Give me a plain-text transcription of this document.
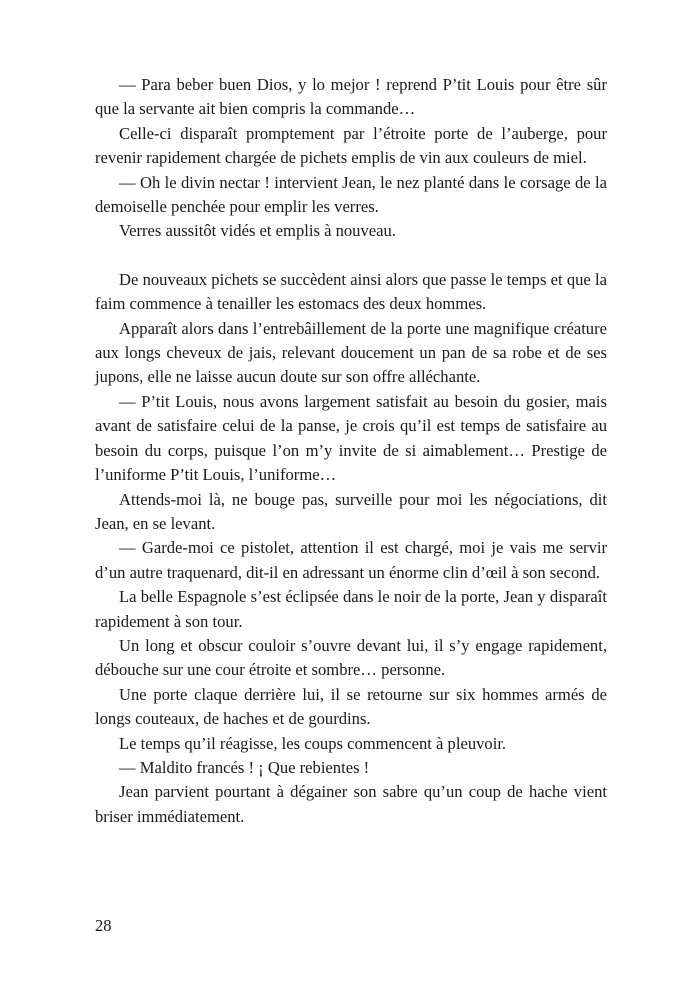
— Para beber buen Dios, y lo mejor ! reprend P’tit Louis pour être sûr que la servante ait bien compris la commande…

Celle-ci disparaît promptement par l’étroite porte de l’auberge, pour revenir rapidement chargée de pichets emplis de vin aux couleurs de miel.

— Oh le divin nectar ! intervient Jean, le nez planté dans le corsage de la demoiselle penchée pour emplir les verres.

Verres aussitôt vidés et emplis à nouveau.

De nouveaux pichets se succèdent ainsi alors que passe le temps et que la faim commence à tenailler les estomacs des deux hommes.

Apparaît alors dans l’entrebâillement de la porte une magnifique créature aux longs cheveux de jais, relevant doucement un pan de sa robe et de ses jupons, elle ne laisse aucun doute sur son offre alléchante.

— P’tit Louis, nous avons largement satisfait au besoin du gosier, mais avant de satisfaire celui de la panse, je crois qu’il est temps de satisfaire au besoin du corps, puisque l’on m’y invite de si aimablement… Prestige de l’uniforme P’tit Louis, l’uniforme…

Attends-moi là, ne bouge pas, surveille pour moi les négociations, dit Jean, en se levant.

— Garde-moi ce pistolet, attention il est chargé, moi je vais me servir d’un autre traquenard, dit-il en adressant un énorme clin d’œil à son second.

La belle Espagnole s’est éclipsée dans le noir de la porte, Jean y disparaît rapidement à son tour.

Un long et obscur couloir s’ouvre devant lui, il s’y engage rapidement, débouche sur une cour étroite et sombre… personne.

Une porte claque derrière lui, il se retourne sur six hommes armés de longs couteaux, de haches et de gourdins.

Le temps qu’il réagisse, les coups commencent à pleuvoir.

— Maldito francés ! ¡ Que rebientes !

Jean parvient pourtant à dégainer son sabre qu’un coup de hache vient briser immédiatement.

28
